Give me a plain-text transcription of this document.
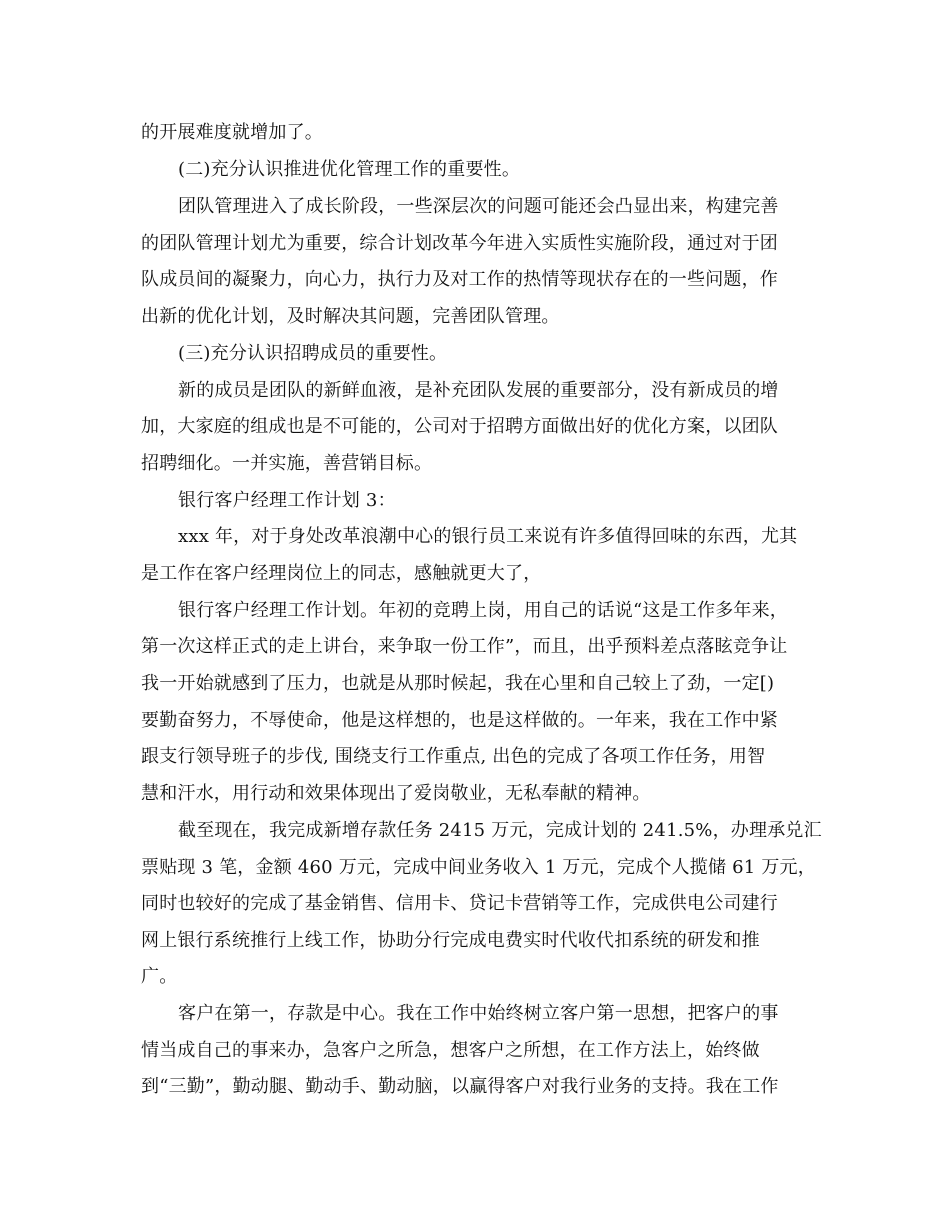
的开展难度就增加了。
(二)充分认识推进优化管理工作的重要性。
团队管理进入了成长阶段，一些深层次的问题可能还会凸显出来，构建完善
的团队管理计划尤为重要，综合计划改革今年进入实质性实施阶段，通过对于团
队成员间的凝聚力，向心力，执行力及对工作的热情等现状存在的一些问题，作
出新的优化计划，及时解决其问题，完善团队管理。
(三)充分认识招聘成员的重要性。
新的成员是团队的新鲜血液，是补充团队发展的重要部分，没有新成员的增
加，大家庭的组成也是不可能的，公司对于招聘方面做出好的优化方案，以团队
招聘细化。一并实施，善营销目标。
银行客户经理工作计划 3：
xxx 年，对于身处改革浪潮中心的银行员工来说有许多值得回味的东西，尤其
是工作在客户经理岗位上的同志，感触就更大了，
银行客户经理工作计划。年初的竞聘上岗，用自己的话说“这是工作多年来，
第一次这样正式的走上讲台，来争取一份工作”，而且，出乎预料差点落眩竞争让
我一开始就感到了压力，也就是从那时候起，我在心里和自己较上了劲，一定[)
要勤奋努力，不辱使命，他是这样想的，也是这样做的。一年来，我在工作中紧
跟支行领导班子的步伐, 围绕支行工作重点, 出色的完成了各项工作任务，用智
慧和汗水，用行动和效果体现出了爱岗敬业，无私奉献的精神。
截至现在，我完成新增存款任务 2415 万元，完成计划的 241.5%，办理承兑汇
票贴现 3 笔，金额 460 万元，完成中间业务收入 1 万元，完成个人揽储 61 万元，
同时也较好的完成了基金销售、信用卡、贷记卡营销等工作，完成供电公司建行
网上银行系统推行上线工作，协助分行完成电费实时代收代扣系统的研发和推
广。
客户在第一，存款是中心。我在工作中始终树立客户第一思想，把客户的事
情当成自己的事来办，急客户之所急，想客户之所想，在工作方法上，始终做
到“三勤”，勤动腿、勤动手、勤动脑，以赢得客户对我行业务的支持。我在工作
